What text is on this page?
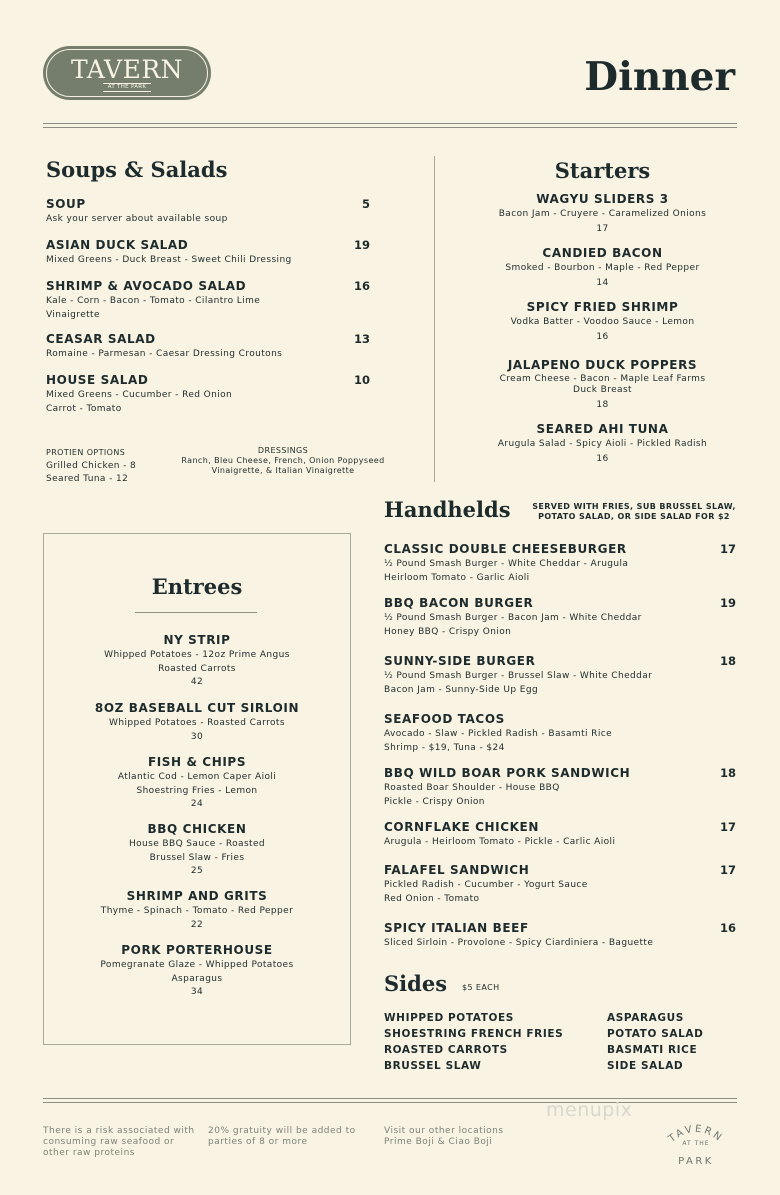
TAVERN
AT THE PARK	Dinner
Soups & Salads
SOUP	5
Ask your server about available soup
ASIAN DUCK SALAD	19
Mixed Greens - Duck Breast - Sweet Chili Dressing
SHRIMP & AVOCADO SALAD	16
Kale - Corn - Bacon - Tomato - Cilantro Lime
Vinaigrette
CEASAR SALAD	13
Romaine - Parmesan - Caesar Dressing Croutons
HOUSE SALAD	10
Mixed Greens - Cucumber - Red Onion
Carrot - Tomato
PROTIEN OPTIONS
Grilled Chicken - 8
Seared Tuna - 12
DRESSINGS
Ranch, Bleu Cheese, French, Onion Poppyseed
Vinaigrette, & Italian Vinaigrette
Starters
WAGYU SLIDERS 3
Bacon Jam - Cruyere - Caramelized Onions
17
CANDIED BACON
Smoked - Bourbon - Maple - Red Pepper
14
SPICY FRIED SHRIMP
Vodka Batter - Voodoo Sauce - Lemon
16
JALAPENO DUCK POPPERS
Cream Cheese - Bacon - Maple Leaf Farms
Duck Breast
18
SEARED AHI TUNA
Arugula Salad - Spicy Aioli - Pickled Radish
16
Entrees
NY STRIP
Whipped Potatoes - 12oz Prime Angus
Roasted Carrots
42
8OZ BASEBALL CUT SIRLOIN
Whipped Potatoes - Roasted Carrots
30
FISH & CHIPS
Atlantic Cod - Lemon Caper Aioli
Shoestring Fries - Lemon
24
BBQ CHICKEN
House BBQ Sauce - Roasted
Brussel Slaw - Fries
25
SHRIMP AND GRITS
Thyme - Spinach - Tomato - Red Pepper
22
PORK PORTERHOUSE
Pomegranate Glaze - Whipped Potatoes
Asparagus
34
Handhelds	SERVED WITH FRIES, SUB BRUSSEL SLAW,
POTATO SALAD, OR SIDE SALAD FOR $2
CLASSIC DOUBLE CHEESEBURGER	17
½ Pound Smash Burger - White Cheddar - Arugula
Heirloom Tomato - Garlic Aioli
BBQ BACON BURGER	19
½ Pound Smash Burger - Bacon Jam - White Cheddar
Honey BBQ - Crispy Onion
SUNNY-SIDE BURGER	18
½ Pound Smash Burger - Brussel Slaw - White Cheddar
Bacon Jam - Sunny-Side Up Egg
SEAFOOD TACOS
Avocado - Slaw - Pickled Radish - Basamti Rice
Shrimp - $19, Tuna - $24
BBQ WILD BOAR PORK SANDWICH	18
Roasted Boar Shoulder - House BBQ
Pickle - Crispy Onion
CORNFLAKE CHICKEN	17
Arugula - Heirloom Tomato - Pickle - Carlic Aioli
FALAFEL SANDWICH	17
Pickled Radish - Cucumber - Yogurt Sauce
Red Onion - Tomato
SPICY ITALIAN BEEF	16
Sliced Sirloin - Provolone - Spicy Ciardiniera - Baguette
Sides $5 EACH
WHIPPED POTATOES
SHOESTRING FRENCH FRIES
ROASTED CARROTS
BRUSSEL SLAW
ASPARAGUS
POTATO SALAD
BASMATI RICE
SIDE SALAD
There is a risk associated with
consuming raw seafood or
other raw proteins
20% gratuity will be added to
parties of 8 or more
Visit our other locations
Prime Boji & Ciao Boji
menupix
TAVERN
AT THE
PARK
